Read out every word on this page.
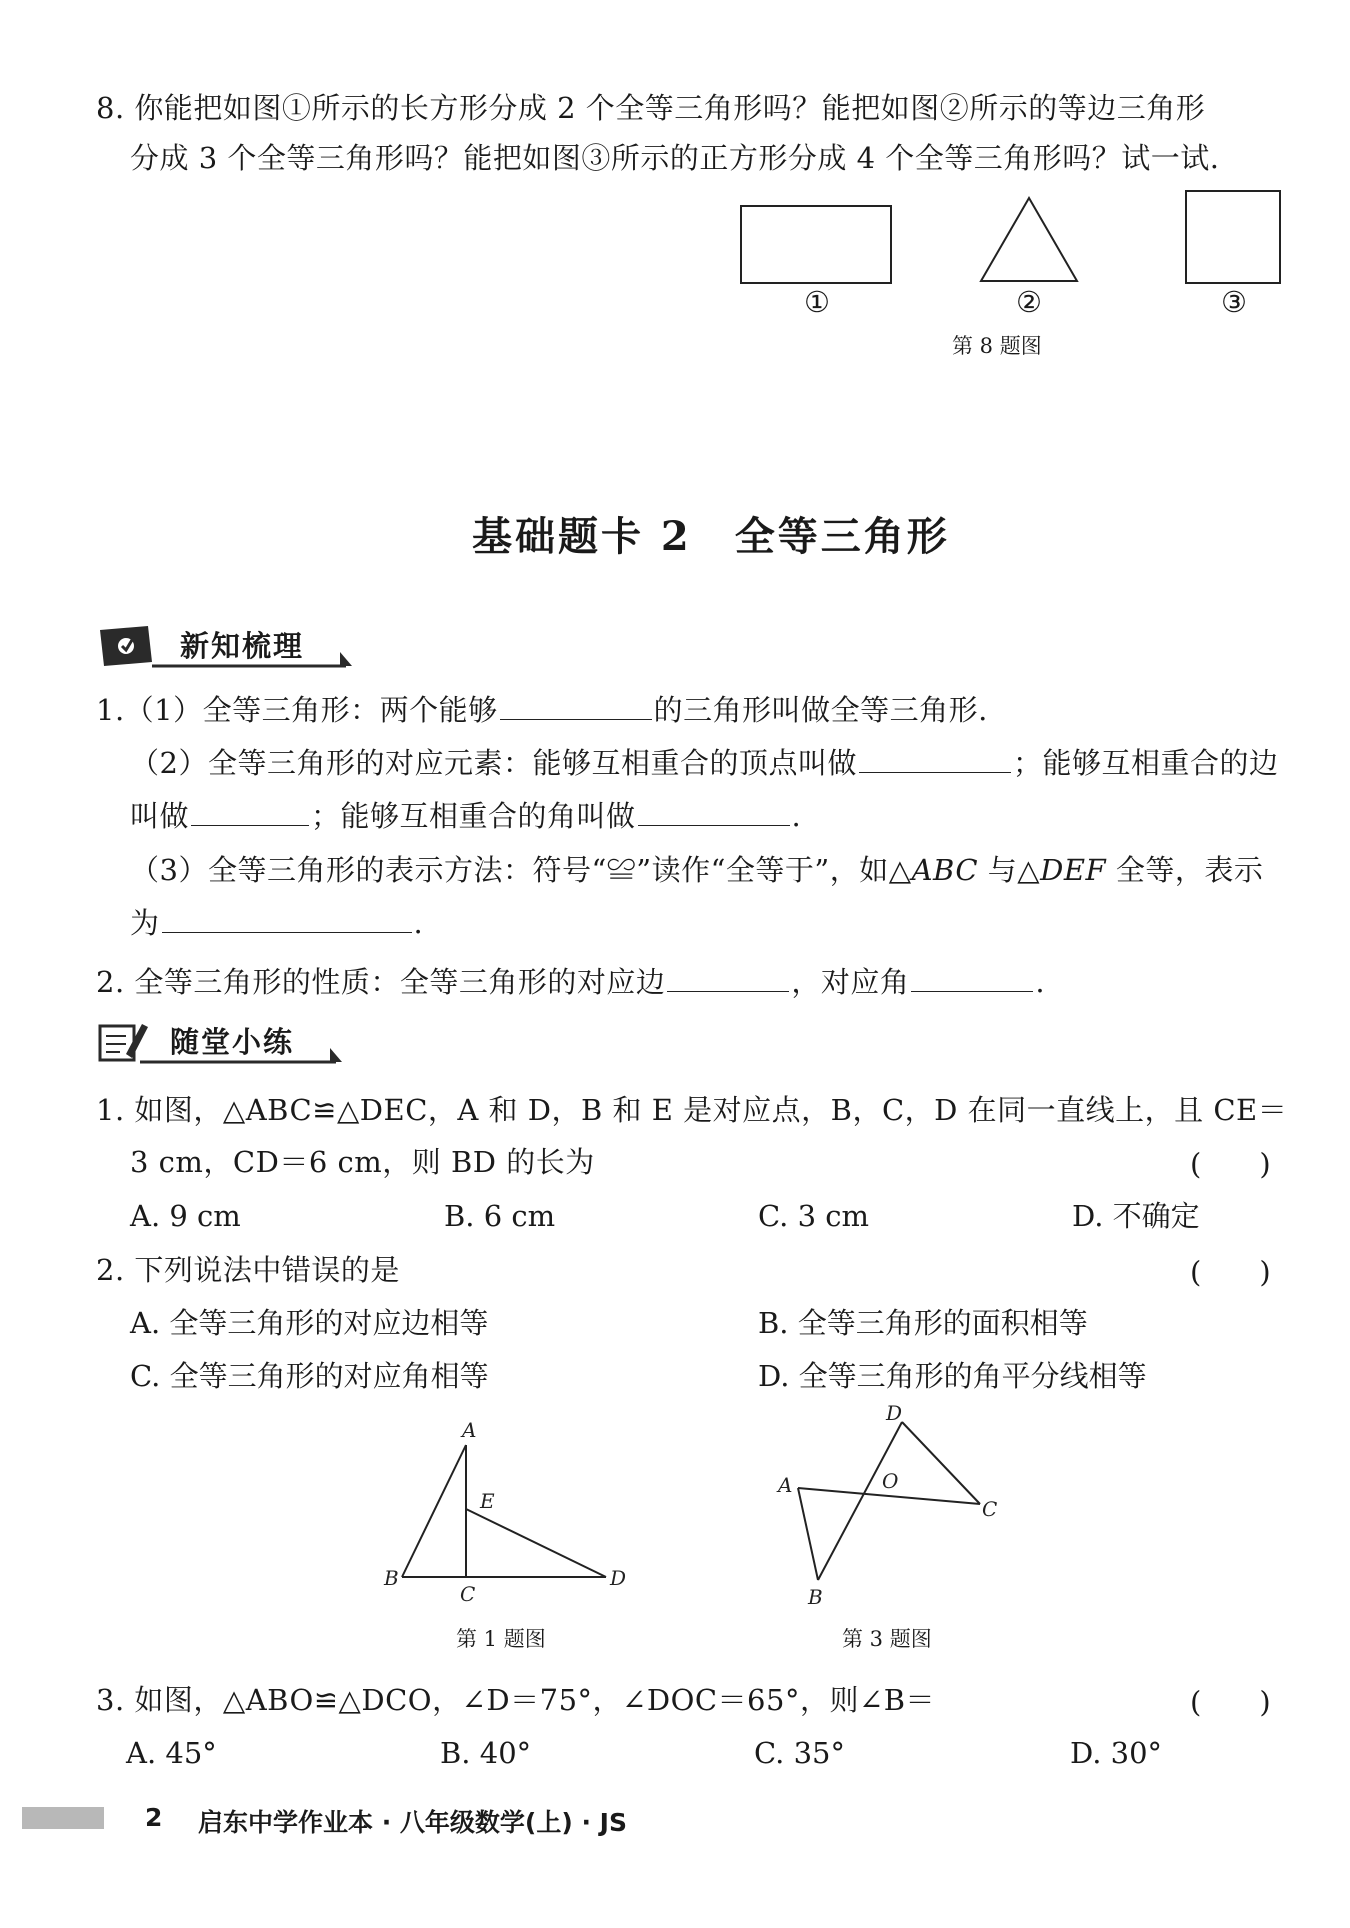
8. 你能把如图①所示的长方形分成 2 个全等三角形吗？能把如图②所示的等边三角形
分成 3 个全等三角形吗？能把如图③所示的正方形分成 4 个全等三角形吗？试一试.
①	②	③
第 8 题图
基础题卡 2　全等三角形
新知梳理
1.（1）全等三角形：两个能够	的三角形叫做全等三角形.
（2）全等三角形的对应元素：能够互相重合的顶点叫做	；能够互相重合的边
叫做	；能够互相重合的角叫做	.
（3）全等三角形的表示方法：符号“≌”读作“全等于”，如△ABC 与△DEF 全等，表示
为	.
2. 全等三角形的性质：全等三角形的对应边	，对应角	.
随堂小练
1. 如图，△ABC≌△DEC，A 和 D，B 和 E 是对应点，B，C，D 在同一直线上，且 CE＝
3 cm，CD＝6 cm，则 BD 的长为	(　　)
A. 9 cm	B. 6 cm	C. 3 cm	D. 不确定
2. 下列说法中错误的是	(　　)
A. 全等三角形的对应边相等	B. 全等三角形的面积相等
C. 全等三角形的对应角相等	D. 全等三角形的角平分线相等
A
E
B
C
D
第 1 题图
D
O
A
C
B
第 3 题图
3. 如图，△ABO≌△DCO，∠D＝75°，∠DOC＝65°，则∠B＝	(　　)
A. 45°	B. 40°	C. 35°	D. 30°
2 启东中学作业本 · 八年级数学(上) · JS
